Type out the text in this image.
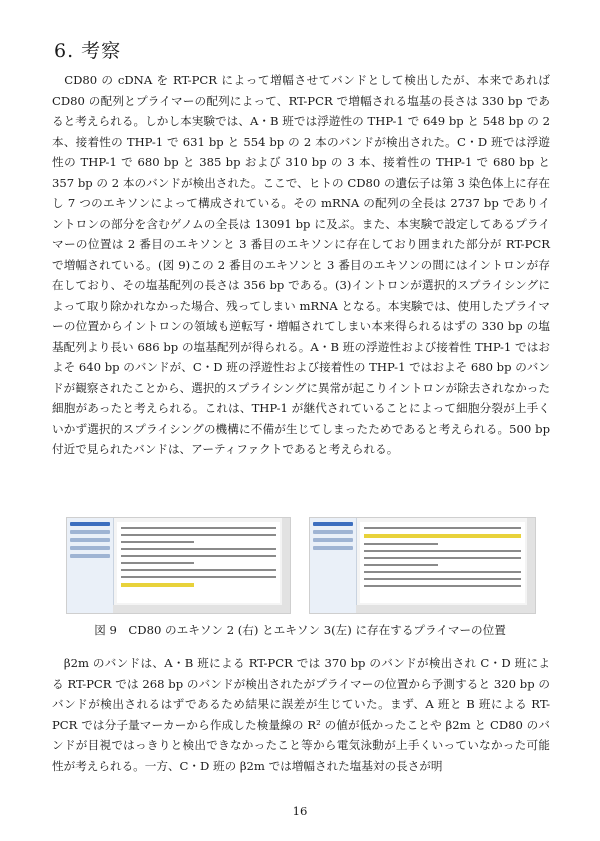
6. 考察

　CD80 の cDNA を RT-PCR によって増幅させてバンドとして検出したが、本来であれば CD80 の配列とプライマーの配列によって、RT-PCR で増幅される塩基の長さは 330 bp であると考えられる。しかし本実験では、A・B 班では浮遊性の THP-1 で 649 bp と 548 bp の 2 本、接着性の THP-1 で 631 bp と 554 bp の 2 本のバンドが検出された。C・D 班では浮遊性の THP-1 で 680 bp と 385 bp および 310 bp の 3 本、接着性の THP-1 で 680 bp と 357 bp の 2 本のバンドが検出された。ここで、ヒトの CD80 の遺伝子は第 3 染色体上に存在し 7 つのエキソンによって構成されている。その mRNA の配列の全長は 2737 bp でありイントロンの部分を含むゲノムの全長は 13091 bp に及ぶ。また、本実験で設定してあるプライマーの位置は 2 番目のエキソンと 3 番目のエキソンに存在しており囲まれた部分が RT-PCR で増幅されている。(図 9)この 2 番目のエキソンと 3 番目のエキソンの間にはイントロンが存在しており、その塩基配列の長さは 356 bp である。(3)イントロンが選択的スプライシングによって取り除かれなかった場合、残ってしまい mRNA となる。本実験では、使用したプライマーの位置からイントロンの領域も逆転写・増幅されてしまい本来得られるはずの 330 bp の塩基配列より長い 686 bp の塩基配列が得られる。A・B 班の浮遊性および接着性 THP-1 ではおよそ 640 bp のバンドが、C・D 班の浮遊性および接着性の THP-1 ではおよそ 680 bp のバンドが観察されたことから、選択的スプライシングに異常が起こりイントロンが除去されなかった細胞があったと考えられる。これは、THP-1 が継代されていることによって細胞分裂が上手くいかず選択的スプライシングの機構に不備が生じてしまったためであると考えられる。500 bp 付近で見られたバンドは、アーティファクトであると考えられる。

図 9　CD80 のエキソン 2 (右) とエキソン 3(左) に存在するプライマーの位置

　β2m のバンドは、A・B 班による RT-PCR では 370 bp のバンドが検出され C・D 班による RT-PCR では 268 bp のバンドが検出されたがプライマーの位置から予測すると 320 bp のバンドが検出されるはずであるため結果に誤差が生じていた。まず、A 班と B 班による RT-PCR では分子量マーカーから作成した検量線の R² の値が低かったことや β2m と CD80 のバンドが目視ではっきりと検出できなかったこと等から電気泳動が上手くいっていなかった可能性が考えられる。一方、C・D 班の β2m では増幅された塩基対の長さが明

16
